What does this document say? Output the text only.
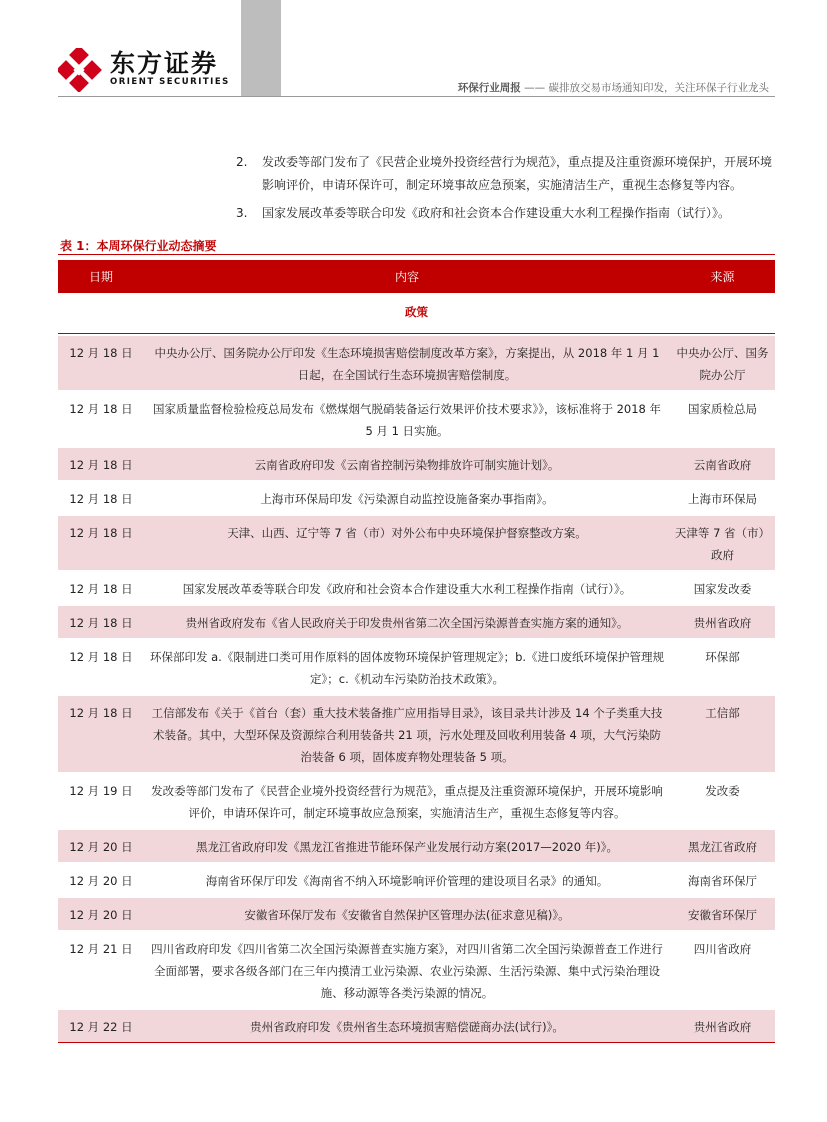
东方证券
ORIENT SECURITIES	环保行业周报 —— 碳排放交易市场通知印发，关注环保子行业龙头
2. 发改委等部门发布了《民营企业境外投资经营行为规范》，重点提及注重资源环境保护，开展环境影响评价，申请环保许可，制定环境事故应急预案，实施清洁生产，重视生态修复等内容。
3. 国家发展改革委等联合印发《政府和社会资本合作建设重大水利工程操作指南（试行）》。
表 1：本周环保行业动态摘要
日期	内容	来源
政策		
12 月 18 日	中央办公厅、国务院办公厅印发《生态环境损害赔偿制度改革方案》，方案提出，从 2018 年 1 月 1 日起，在全国试行生态环境损害赔偿制度。	中央办公厅、国务院办公厅
12 月 18 日	国家质量监督检验检疫总局发布《燃煤烟气脱硝装备运行效果评价技术要求》》，该标准将于 2018 年 5 月 1 日实施。	国家质检总局
12 月 18 日	云南省政府印发《云南省控制污染物排放许可制实施计划》。	云南省政府
12 月 18 日	上海市环保局印发《污染源自动监控设施备案办事指南》。	上海市环保局
12 月 18 日	天津、山西、辽宁等 7 省（市）对外公布中央环境保护督察整改方案。	天津等 7 省（市）政府
12 月 18 日	国家发展改革委等联合印发《政府和社会资本合作建设重大水利工程操作指南（试行）》。	国家发改委
12 月 18 日	贵州省政府发布《省人民政府关于印发贵州省第二次全国污染源普查实施方案的通知》。	贵州省政府
12 月 18 日	环保部印发 a.《限制进口类可用作原料的固体废物环境保护管理规定》；b.《进口废纸环境保护管理规定》；c.《机动车污染防治技术政策》。	环保部
12 月 18 日	工信部发布《关于《首台（套）重大技术装备推广应用指导目录》，该目录共计涉及 14 个子类重大技术装备。其中，大型环保及资源综合利用装备共 21 项，污水处理及回收利用装备 4 项，大气污染防治装备 6 项，固体废弃物处理装备 5 项。	工信部
12 月 19 日	发改委等部门发布了《民营企业境外投资经营行为规范》，重点提及注重资源环境保护，开展环境影响评价，申请环保许可，制定环境事故应急预案，实施清洁生产，重视生态修复等内容。	发改委
12 月 20 日	黑龙江省政府印发《黑龙江省推进节能环保产业发展行动方案(2017—2020 年)》。	黑龙江省政府
12 月 20 日	海南省环保厅印发《海南省不纳入环境影响评价管理的建设项目名录》的通知。	海南省环保厅
12 月 20 日	安徽省环保厅发布《安徽省自然保护区管理办法(征求意见稿)》。	安徽省环保厅
12 月 21 日	四川省政府印发《四川省第二次全国污染源普查实施方案》，对四川省第二次全国污染源普查工作进行全面部署，要求各级各部门在三年内摸清工业污染源、农业污染源、生活污染源、集中式污染治理设施、移动源等各类污染源的情况。	四川省政府
12 月 22 日	贵州省政府印发《贵州省生态环境损害赔偿磋商办法(试行)》。	贵州省政府
